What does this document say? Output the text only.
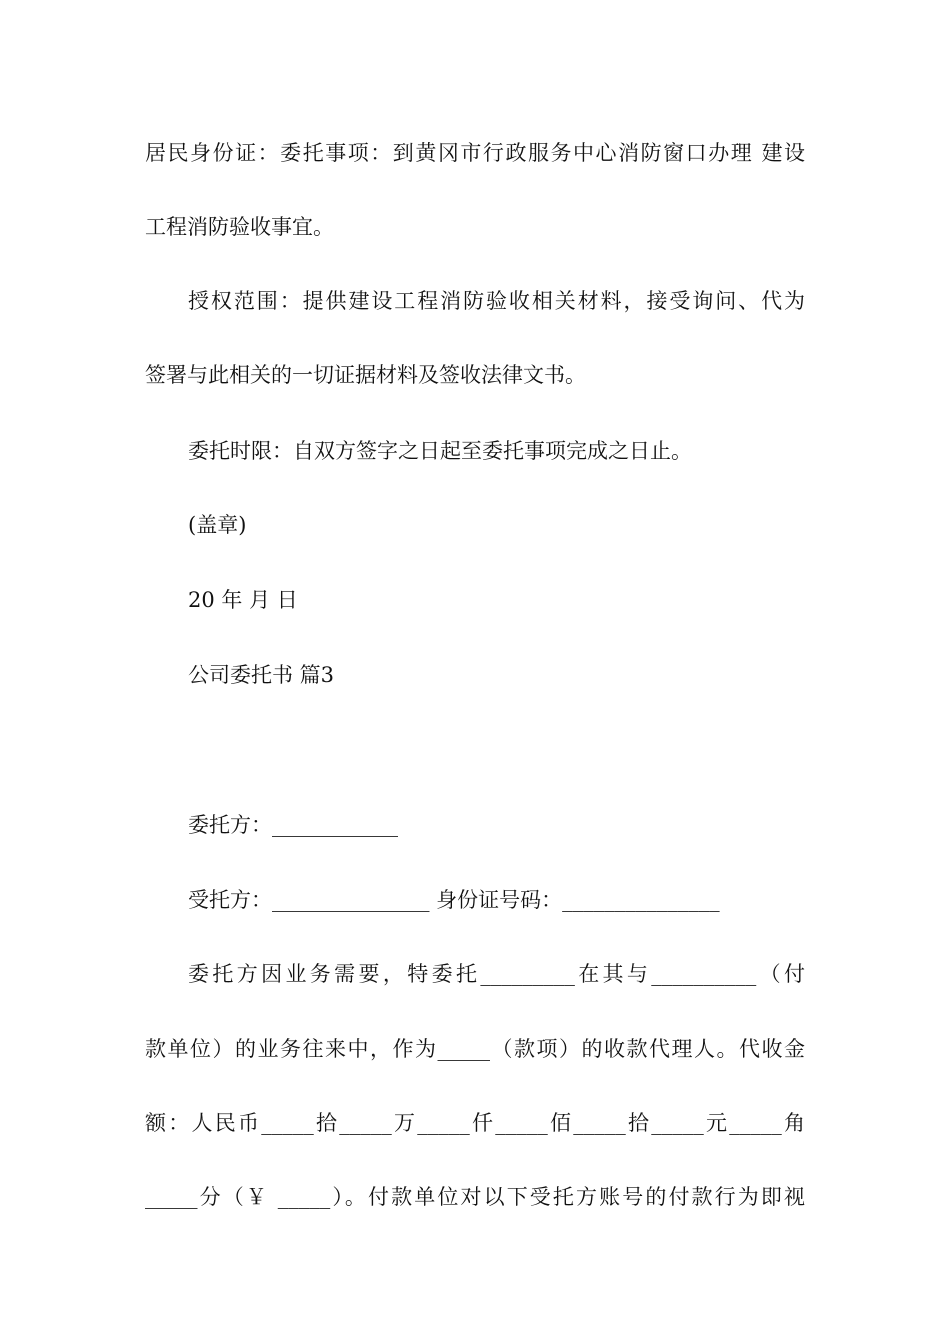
居民身份证：委托事项：到黄冈市行政服务中心消防窗口办理 建设
工程消防验收事宜。
授权范围：提供建设工程消防验收相关材料，接受询问、代为
签署与此相关的一切证据材料及签收法律文书。
委托时限：自双方签字之日起至委托事项完成之日止。
(盖章)
20 年 月 日
公司委托书 篇3
委托方：____________
受托方：_______________ 身份证号码：_______________
委托方因业务需要，特委托_________在其与__________（付
款单位）的业务往来中，作为_____（款项）的收款代理人。代收金
额：人民币_____拾_____万_____仟_____佰_____拾_____元_____角
_____分（￥ _____）。付款单位对以下受托方账号的付款行为即视
